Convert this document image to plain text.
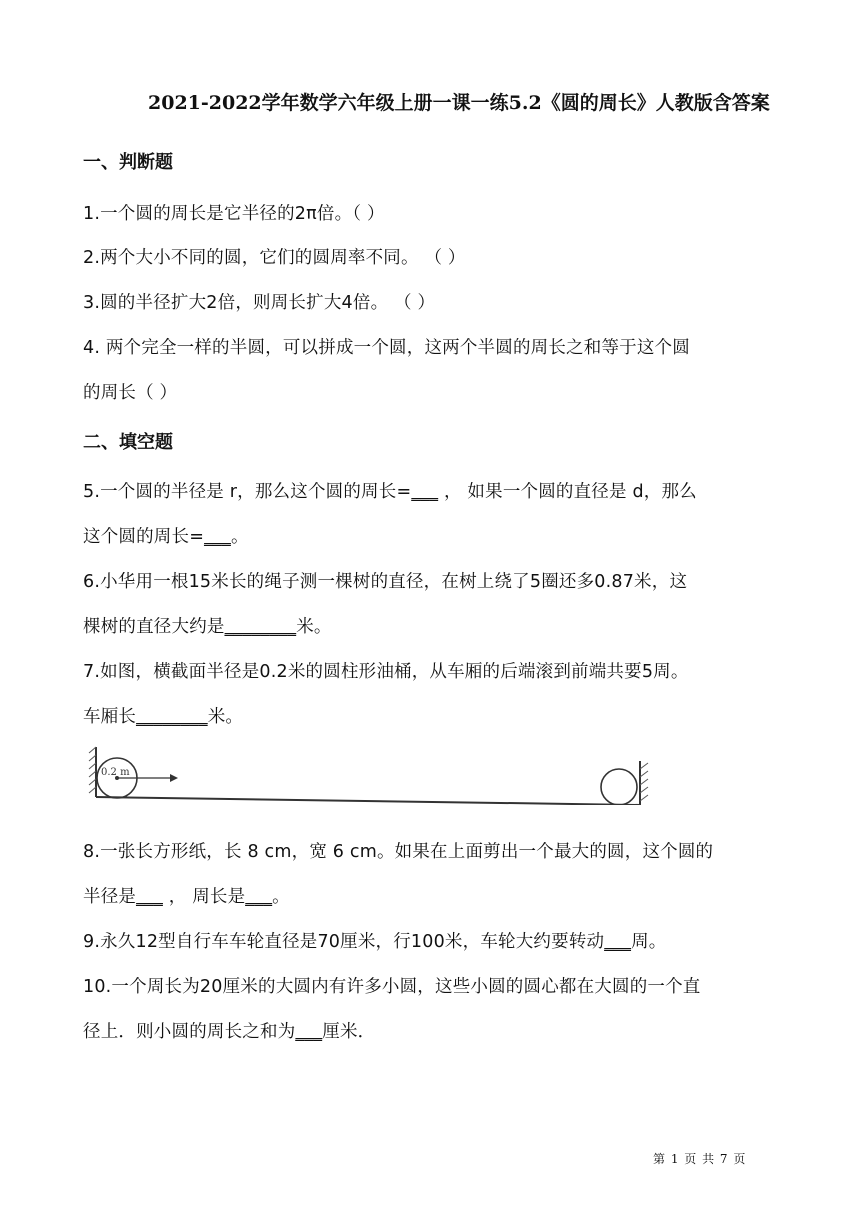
2021-2022学年数学六年级上册一课一练5.2《圆的周长》人教版含答案
一、判断题
1.一个圆的周长是它半径的2π倍。（ ）
2.两个大小不同的圆，它们的圆周率不同。 （ ）
3.圆的半径扩大2倍，则周长扩大4倍。 （ ）
4. 两个完全一样的半圆，可以拼成一个圆，这两个半圆的周长之和等于这个圆
的周长（ ）
二、填空题
5.一个圆的半径是 r，那么这个圆的周长=___ ， 如果一个圆的直径是 d，那么
这个圆的周长=___。
6.小华用一根15米长的绳子测一棵树的直径，在树上绕了5圈还多0.87米，这
棵树的直径大约是________米。
7.如图，横截面半径是0.2米的圆柱形油桶，从车厢的后端滚到前端共要5周。
车厢长________米。
0.2 m
8.一张长方形纸，长 8 cm，宽 6 cm。如果在上面剪出一个最大的圆，这个圆的
半径是___ ， 周长是___。
9.永久12型自行车车轮直径是70厘米，行100米，车轮大约要转动___周。
10.一个周长为20厘米的大圆内有许多小圆，这些小圆的圆心都在大圆的一个直
径上．则小圆的周长之和为___厘米．
第 1 页 共 7 页
